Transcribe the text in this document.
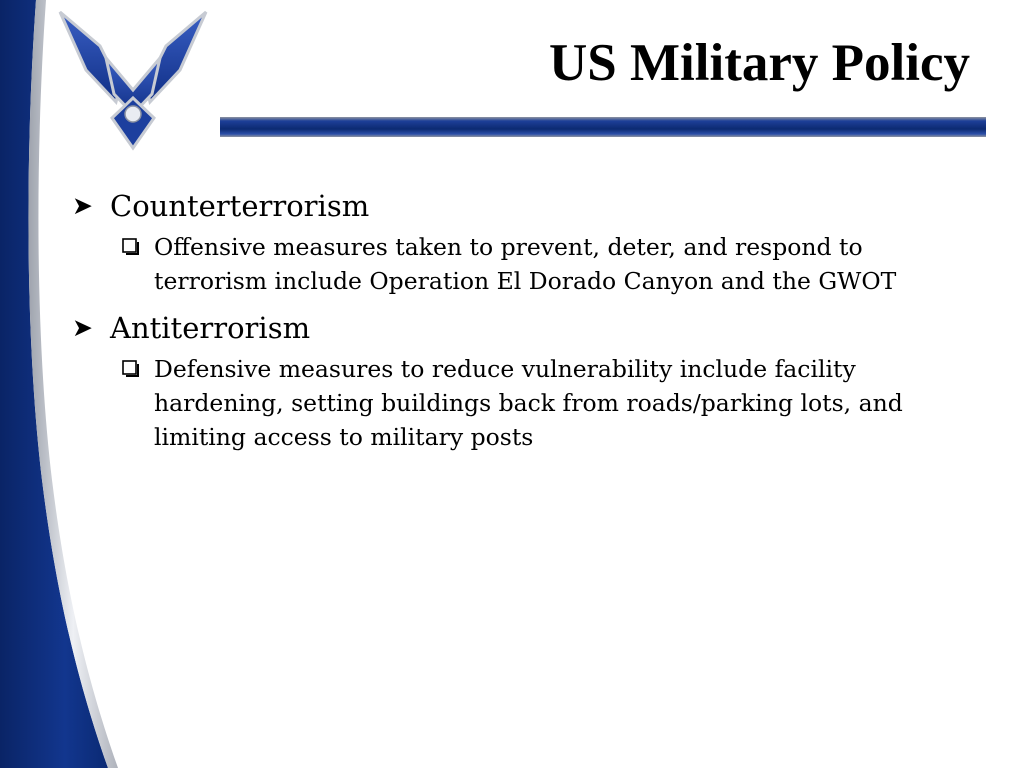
US Military Policy
➤ Counterterrorism
Offensive measures taken to prevent, deter, and respond to terrorism include Operation El Dorado Canyon and the GWOT
➤ Antiterrorism
Defensive measures to reduce vulnerability include facility hardening, setting buildings back from roads/parking lots, and limiting access to military posts
